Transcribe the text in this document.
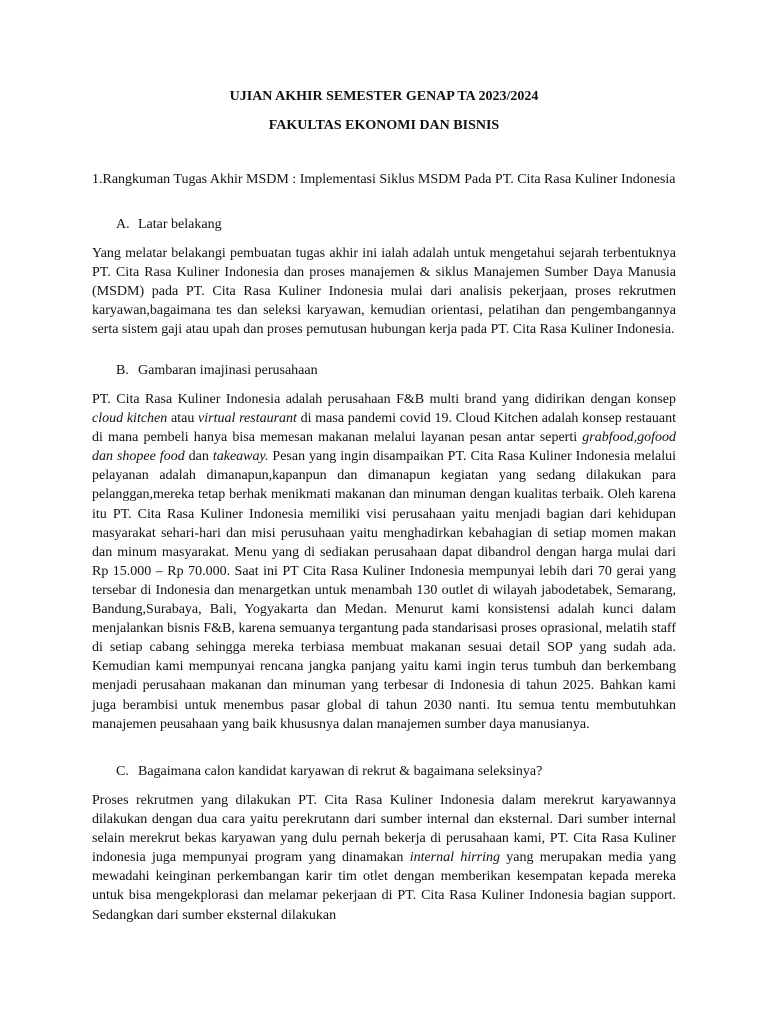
UJIAN AKHIR SEMESTER GENAP TA 2023/2024

FAKULTAS EKONOMI DAN BISNIS

1.Rangkuman Tugas Akhir MSDM : Implementasi Siklus MSDM Pada PT. Cita Rasa Kuliner Indonesia

A. Latar belakang

Yang melatar belakangi pembuatan tugas akhir ini ialah adalah untuk mengetahui sejarah terbentuknya PT. Cita Rasa Kuliner Indonesia dan proses manajemen & siklus Manajemen Sumber Daya Manusia (MSDM) pada PT. Cita Rasa Kuliner Indonesia mulai dari analisis pekerjaan, proses rekrutmen karyawan,bagaimana tes dan seleksi karyawan, kemudian orientasi, pelatihan dan pengembangannya serta sistem gaji atau upah dan proses pemutusan hubungan kerja pada PT. Cita Rasa Kuliner Indonesia.

B. Gambaran imajinasi perusahaan

PT. Cita Rasa Kuliner Indonesia adalah perusahaan F&B multi brand yang didirikan dengan konsep cloud kitchen atau virtual restaurant di masa pandemi covid 19. Cloud Kitchen adalah konsep restauant di mana pembeli hanya bisa memesan makanan melalui layanan pesan antar seperti grabfood,gofood dan shopee food dan takeaway. Pesan yang ingin disampaikan PT. Cita Rasa Kuliner Indonesia melalui pelayanan adalah dimanapun,kapanpun dan dimanapun kegiatan yang sedang dilakukan para pelanggan,mereka tetap berhak menikmati makanan dan minuman dengan kualitas terbaik. Oleh karena itu PT. Cita Rasa Kuliner Indonesia memiliki visi perusahaan yaitu menjadi bagian dari kehidupan masyarakat sehari-hari dan misi perusuhaan yaitu menghadirkan kebahagian di setiap momen makan dan minum masyarakat. Menu yang di sediakan perusahaan dapat dibandrol dengan harga mulai dari Rp 15.000 – Rp 70.000. Saat ini PT Cita Rasa Kuliner Indonesia mempunyai lebih dari 70 gerai yang tersebar di Indonesia dan menargetkan untuk menambah 130 outlet di wilayah jabodetabek, Semarang, Bandung,Surabaya, Bali, Yogyakarta dan Medan. Menurut kami konsistensi adalah kunci dalam menjalankan bisnis F&B, karena semuanya tergantung pada standarisasi proses oprasional, melatih staff di setiap cabang sehingga mereka terbiasa membuat makanan sesuai detail SOP yang sudah ada. Kemudian kami mempunyai rencana jangka panjang yaitu kami ingin terus tumbuh dan berkembang menjadi perusahaan makanan dan minuman yang terbesar di Indonesia di tahun 2025. Bahkan kami juga berambisi untuk menembus pasar global di tahun 2030 nanti. Itu semua tentu membutuhkan manajemen peusahaan yang baik khususnya dalan manajemen sumber daya manusianya.

C. Bagaimana calon kandidat karyawan di rekrut & bagaimana seleksinya?

Proses rekrutmen yang dilakukan PT. Cita Rasa Kuliner Indonesia dalam merekrut karyawannya dilakukan dengan dua cara yaitu perekrutann dari sumber internal dan eksternal. Dari sumber internal selain merekrut bekas karyawan yang dulu pernah bekerja di perusahaan kami, PT. Cita Rasa Kuliner indonesia juga mempunyai program yang dinamakan internal hirring yang merupakan media yang mewadahi keinginan perkembangan karir tim otlet dengan memberikan kesempatan kepada mereka untuk bisa mengekplorasi dan melamar pekerjaan di PT. Cita Rasa Kuliner Indonesia bagian support. Sedangkan dari sumber eksternal dilakukan
